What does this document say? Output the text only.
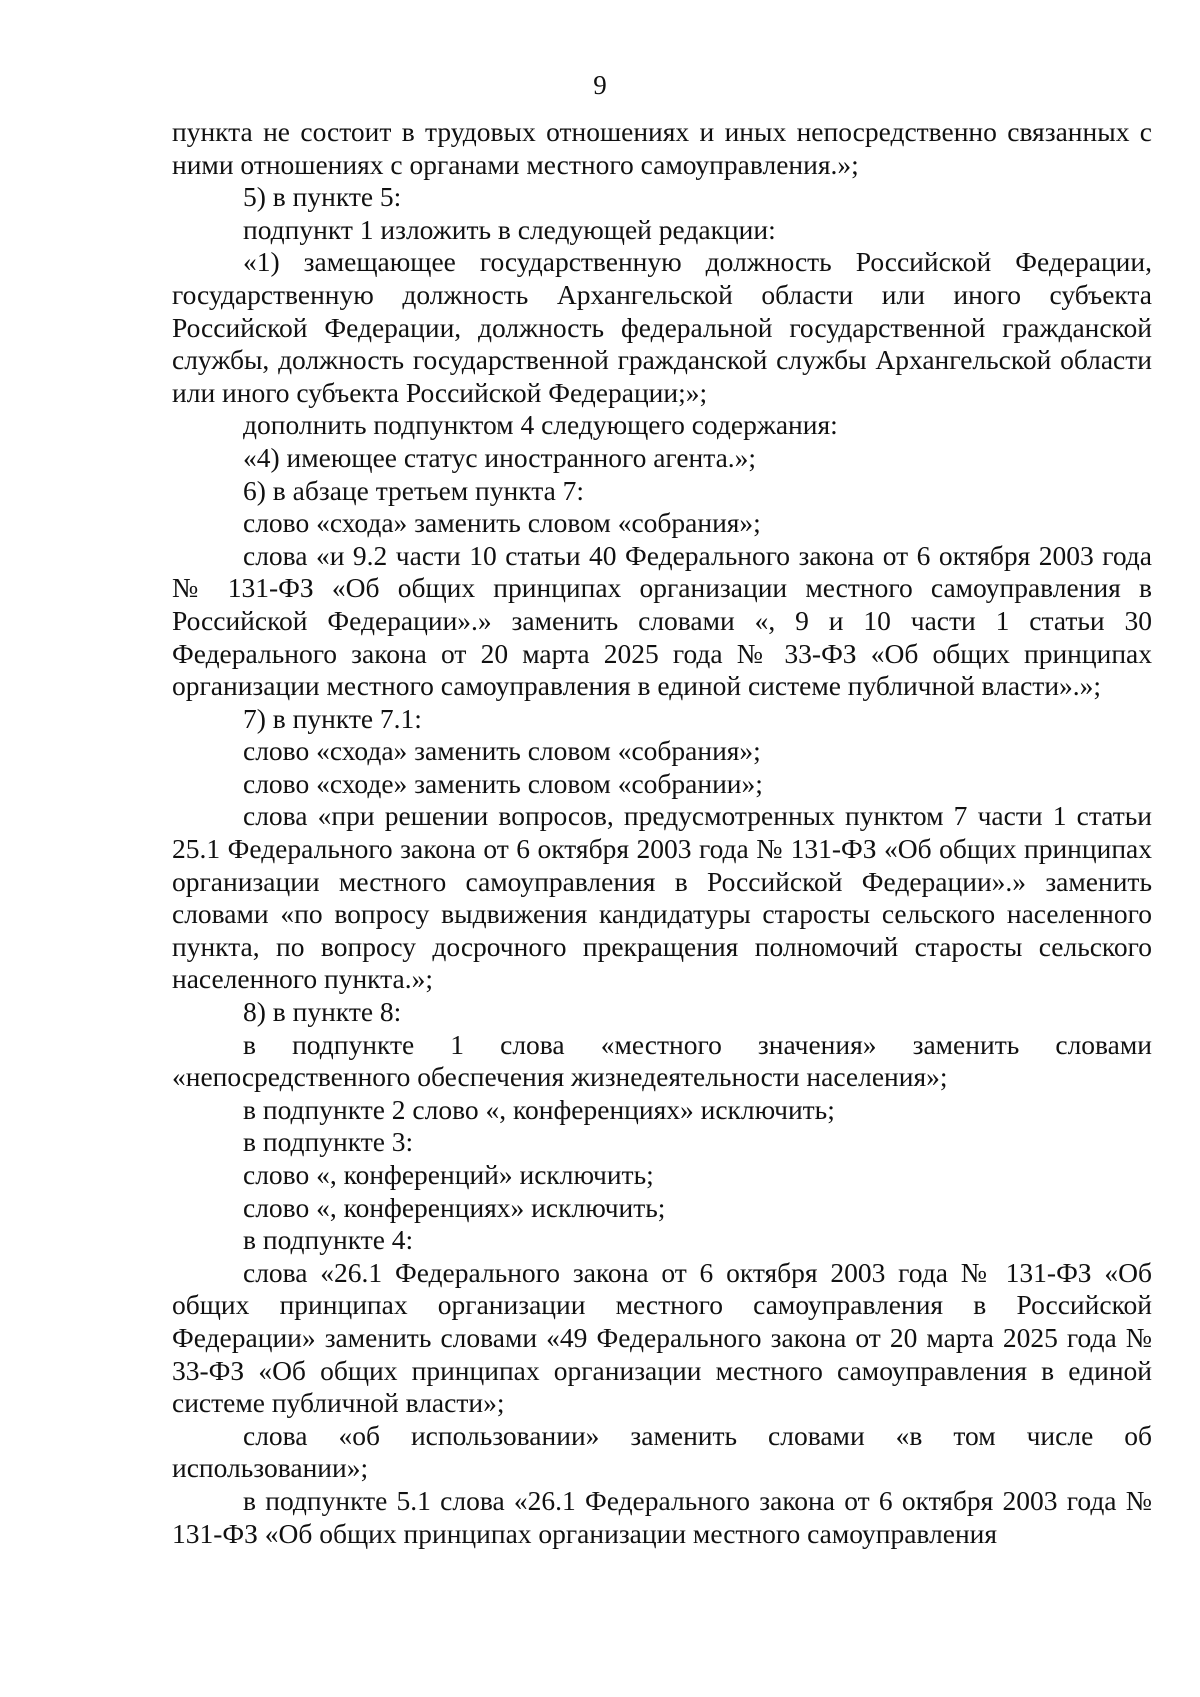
9

пункта не состоит в трудовых отношениях и иных непосредственно связанных с ними отношениях с органами местного самоуправления.»;

5) в пункте 5:

подпункт 1 изложить в следующей редакции:

«1) замещающее государственную должность Российской Федерации, государственную должность Архангельской области или иного субъекта Российской Федерации, должность федеральной государственной гражданской службы, должность государственной гражданской службы Архангельской области или иного субъекта Российской Федерации;»;

дополнить подпунктом 4 следующего содержания:

«4) имеющее статус иностранного агента.»;

6) в абзаце третьем пункта 7:

слово «схода» заменить словом «собрания»;

слова «и 9.2 части 10 статьи 40 Федерального закона от 6 октября 2003 года № 131-ФЗ «Об общих принципах организации местного самоуправления в Российской Федерации».» заменить словами «, 9 и 10 части 1 статьи 30 Федерального закона от 20 марта 2025 года № 33-ФЗ «Об общих принципах организации местного самоуправления в единой системе публичной власти».»;

7) в пункте 7.1:

слово «схода» заменить словом «собрания»;

слово «сходе» заменить словом «собрании»;

слова «при решении вопросов, предусмотренных пунктом 7 части 1 статьи 25.1 Федерального закона от 6 октября 2003 года № 131-ФЗ «Об общих принципах организации местного самоуправления в Российской Федерации».» заменить словами «по вопросу выдвижения кандидатуры старосты сельского населенного пункта, по вопросу досрочного прекращения полномочий старосты сельского населенного пункта.»;

8) в пункте 8:

в подпункте 1 слова «местного значения» заменить словами «непосредственного обеспечения жизнедеятельности населения»;

в подпункте 2 слово «, конференциях» исключить;

в подпункте 3:

слово «, конференций» исключить;

слово «, конференциях» исключить;

в подпункте 4:

слова «26.1 Федерального закона от 6 октября 2003 года № 131-ФЗ «Об общих принципах организации местного самоуправления в Российской Федерации» заменить словами «49 Федерального закона от 20 марта 2025 года № 33-ФЗ «Об общих принципах организации местного самоуправления в единой системе публичной власти»;

слова «об использовании» заменить словами «в том числе об использовании»;

в подпункте 5.1 слова «26.1 Федерального закона от 6 октября 2003 года № 131-ФЗ «Об общих принципах организации местного самоуправления
